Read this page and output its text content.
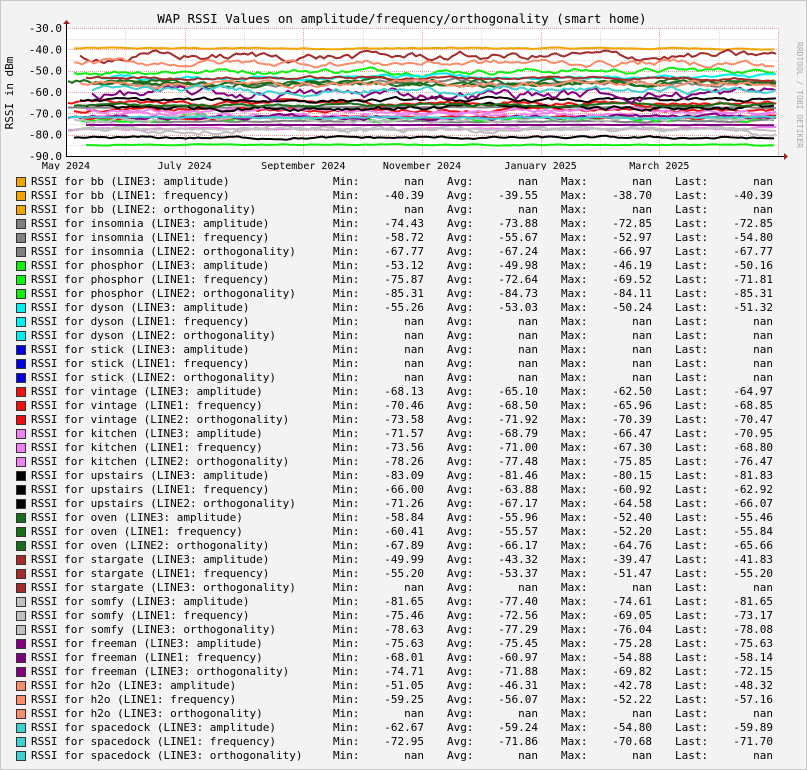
WAP RSSI Values on amplitude/frequency/orthogonality (smart home)
RSSI in dBm	RRDTOOL / TOBI OETIKER
-30.0
-40.0
-50.0
-60.0
-70.0
-80.0
-90.0
May 2024	July 2024	September 2024	November 2024	January 2025	March 2025
RSSI for bb (LINE3: amplitude)	Min:	nan Avg:	nan Max:	nan Last:	nan
RSSI for bb (LINE1: frequency)	Min:	-40.39 Avg:	-39.55 Max:	-38.70 Last:	-40.39
RSSI for bb (LINE2: orthogonality)	Min:	nan Avg:	nan Max:	nan Last:	nan
RSSI for insomnia (LINE3: amplitude)	Min:	-74.43 Avg:	-73.88 Max:	-72.85 Last:	-72.85
RSSI for insomnia (LINE1: frequency)	Min:	-58.72 Avg:	-55.67 Max:	-52.97 Last:	-54.80
RSSI for insomnia (LINE2: orthogonality)	Min:	-67.77 Avg:	-67.24 Max:	-66.97 Last:	-67.77
RSSI for phosphor (LINE3: amplitude)	Min:	-53.12 Avg:	-49.98 Max:	-46.19 Last:	-50.16
RSSI for phosphor (LINE1: frequency)	Min:	-75.87 Avg:	-72.64 Max:	-69.52 Last:	-71.81
RSSI for phosphor (LINE2: orthogonality)	Min:	-85.31 Avg:	-84.73 Max:	-84.11 Last:	-85.31
RSSI for dyson (LINE3: amplitude)	Min:	-55.26 Avg:	-53.03 Max:	-50.24 Last:	-51.32
RSSI for dyson (LINE1: frequency)	Min:	nan Avg:	nan Max:	nan Last:	nan
RSSI for dyson (LINE2: orthogonality)	Min:	nan Avg:	nan Max:	nan Last:	nan
RSSI for stick (LINE3: amplitude)	Min:	nan Avg:	nan Max:	nan Last:	nan
RSSI for stick (LINE1: frequency)	Min:	nan Avg:	nan Max:	nan Last:	nan
RSSI for stick (LINE2: orthogonality)	Min:	nan Avg:	nan Max:	nan Last:	nan
RSSI for vintage (LINE3: amplitude)	Min:	-68.13 Avg:	-65.10 Max:	-62.50 Last:	-64.97
RSSI for vintage (LINE1: frequency)	Min:	-70.46 Avg:	-68.50 Max:	-65.96 Last:	-68.85
RSSI for vintage (LINE2: orthogonality)	Min:	-73.58 Avg:	-71.92 Max:	-70.39 Last:	-70.47
RSSI for kitchen (LINE3: amplitude)	Min:	-71.57 Avg:	-68.79 Max:	-66.47 Last:	-70.95
RSSI for kitchen (LINE1: frequency)	Min:	-73.56 Avg:	-71.00 Max:	-67.30 Last:	-68.80
RSSI for kitchen (LINE2: orthogonality)	Min:	-78.26 Avg:	-77.48 Max:	-75.85 Last:	-76.47
RSSI for upstairs (LINE3: amplitude)	Min:	-83.09 Avg:	-81.46 Max:	-80.15 Last:	-81.83
RSSI for upstairs (LINE1: frequency)	Min:	-66.00 Avg:	-63.88 Max:	-60.92 Last:	-62.92
RSSI for upstairs (LINE2: orthogonality)	Min:	-71.26 Avg:	-67.17 Max:	-64.58 Last:	-66.07
RSSI for oven (LINE3: amplitude)	Min:	-58.84 Avg:	-55.96 Max:	-52.40 Last:	-55.46
RSSI for oven (LINE1: frequency)	Min:	-60.41 Avg:	-55.57 Max:	-52.20 Last:	-55.84
RSSI for oven (LINE2: orthogonality)	Min:	-67.89 Avg:	-66.17 Max:	-64.76 Last:	-65.66
RSSI for stargate (LINE3: amplitude)	Min:	-49.99 Avg:	-43.32 Max:	-39.47 Last:	-41.83
RSSI for stargate (LINE1: frequency)	Min:	-55.20 Avg:	-53.37 Max:	-51.47 Last:	-55.20
RSSI for stargate (LINE3: orthogonality)	Min:	nan Avg:	nan Max:	nan Last:	nan
RSSI for somfy (LINE3: amplitude)	Min:	-81.65 Avg:	-77.40 Max:	-74.61 Last:	-81.65
RSSI for somfy (LINE1: frequency)	Min:	-75.46 Avg:	-72.56 Max:	-69.05 Last:	-73.17
RSSI for somfy (LINE3: orthogonality)	Min:	-78.63 Avg:	-77.29 Max:	-76.04 Last:	-78.08
RSSI for freeman (LINE3: amplitude)	Min:	-75.63 Avg:	-75.45 Max:	-75.28 Last:	-75.63
RSSI for freeman (LINE1: frequency)	Min:	-68.01 Avg:	-60.97 Max:	-54.88 Last:	-58.14
RSSI for freeman (LINE3: orthogonality)	Min:	-74.71 Avg:	-71.88 Max:	-69.82 Last:	-72.15
RSSI for h2o (LINE3: amplitude)	Min:	-51.05 Avg:	-46.31 Max:	-42.78 Last:	-48.32
RSSI for h2o (LINE1: frequency)	Min:	-59.25 Avg:	-56.07 Max:	-52.22 Last:	-57.16
RSSI for h2o (LINE3: orthogonality)	Min:	nan Avg:	nan Max:	nan Last:	nan
RSSI for spacedock (LINE3: amplitude)	Min:	-62.67 Avg:	-59.24 Max:	-54.80 Last:	-59.89
RSSI for spacedock (LINE1: frequency)	Min:	-72.95 Avg:	-71.86 Max:	-70.68 Last:	-71.70
RSSI for spacedock (LINE3: orthogonality)	Min:	nan Avg:	nan Max:	nan Last:	nan
